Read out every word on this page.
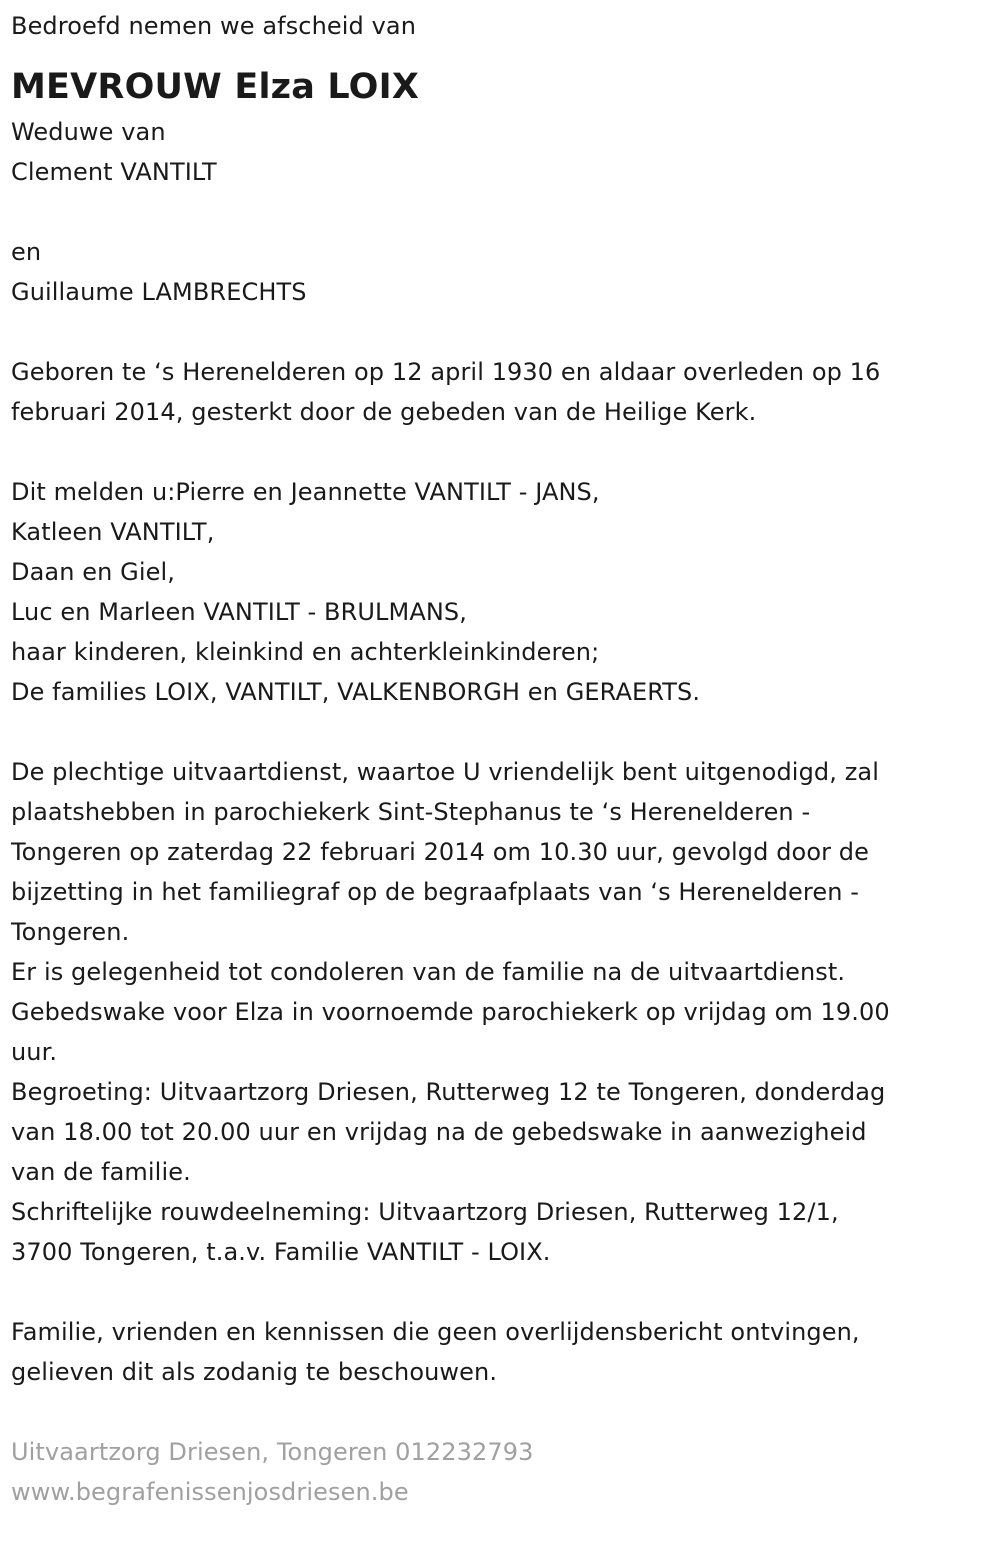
Bedroefd nemen we afscheid van
MEVROUW Elza LOIX
Weduwe van
Clement VANTILT
en
Guillaume LAMBRECHTS
Geboren te ‘s Herenelderen op 12 april 1930 en aldaar overleden op 16
februari 2014, gesterkt door de gebeden van de Heilige Kerk.
Dit melden u:Pierre en Jeannette VANTILT - JANS,
Katleen VANTILT,
Daan en Giel,
Luc en Marleen VANTILT - BRULMANS,
haar kinderen, kleinkind en achterkleinkinderen;
De families LOIX, VANTILT, VALKENBORGH en GERAERTS.
De plechtige uitvaartdienst, waartoe U vriendelijk bent uitgenodigd, zal
plaatshebben in parochiekerk Sint-Stephanus te ‘s Herenelderen -
Tongeren op zaterdag 22 februari 2014 om 10.30 uur, gevolgd door de
bijzetting in het familiegraf op de begraafplaats van ‘s Herenelderen -
Tongeren.
Er is gelegenheid tot condoleren van de familie na de uitvaartdienst.
Gebedswake voor Elza in voornoemde parochiekerk op vrijdag om 19.00
uur.
Begroeting: Uitvaartzorg Driesen, Rutterweg 12 te Tongeren, donderdag
van 18.00 tot 20.00 uur en vrijdag na de gebedswake in aanwezigheid
van de familie.
Schriftelijke rouwdeelneming: Uitvaartzorg Driesen, Rutterweg 12/1,
3700 Tongeren, t.a.v. Familie VANTILT - LOIX.
Familie, vrienden en kennissen die geen overlijdensbericht ontvingen,
gelieven dit als zodanig te beschouwen.
Uitvaartzorg Driesen, Tongeren 012232793
www.begrafenissenjosdriesen.be
